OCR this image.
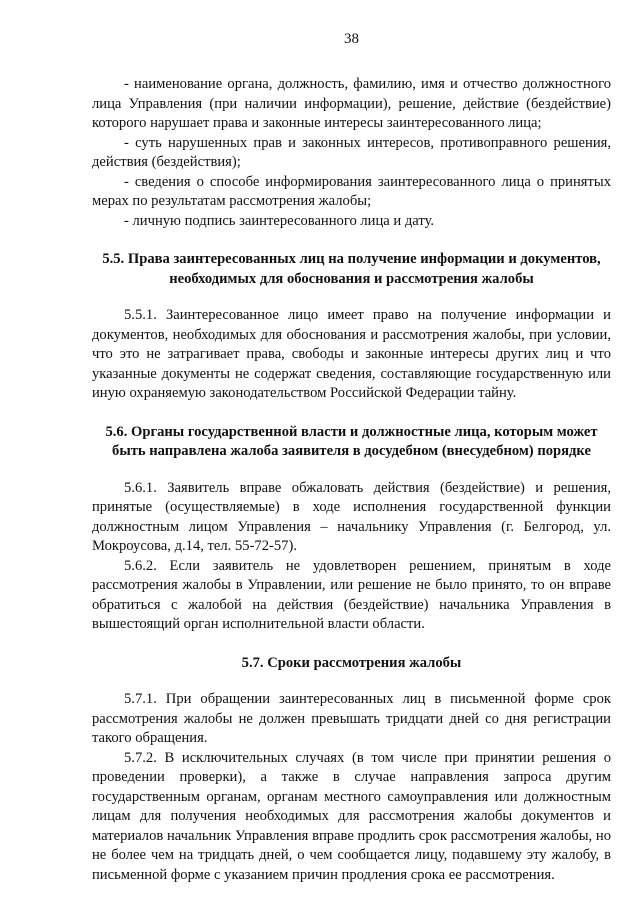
38

- наименование органа, должность, фамилию, имя и отчество должностного лица Управления (при наличии информации), решение, действие (бездействие) которого нарушает права и законные интересы заинтересованного лица;

- суть нарушенных прав и законных интересов, противоправного решения, действия (бездействия);

- сведения о способе информирования заинтересованного лица о принятых мерах по результатам рассмотрения жалобы;

- личную подпись заинтересованного лица и дату.

5.5. Права заинтересованных лиц на получение информации и документов, необходимых для обоснования и рассмотрения жалобы

5.5.1. Заинтересованное лицо имеет право на получение информации и документов, необходимых для обоснования и рассмотрения жалобы, при условии, что это не затрагивает права, свободы и законные интересы других лиц и что указанные документы не содержат сведения, составляющие государственную или иную охраняемую законодательством Российской Федерации тайну.

5.6. Органы государственной власти и должностные лица, которым может быть направлена жалоба заявителя в досудебном (внесудебном) порядке

5.6.1. Заявитель вправе обжаловать действия (бездействие) и решения, принятые (осуществляемые) в ходе исполнения государственной функции должностным лицом Управления – начальнику Управления (г. Белгород, ул. Мокроусова, д.14, тел. 55-72-57).

5.6.2. Если заявитель не удовлетворен решением, принятым в ходе рассмотрения жалобы в Управлении, или решение не было принято, то он вправе обратиться с жалобой на действия (бездействие) начальника Управления в вышестоящий орган исполнительной власти области.

5.7. Сроки рассмотрения жалобы

5.7.1. При обращении заинтересованных лиц в письменной форме срок рассмотрения жалобы не должен превышать тридцати дней со дня регистрации такого обращения.

5.7.2. В исключительных случаях (в том числе при принятии решения о проведении проверки), а также в случае направления запроса другим государственным органам, органам местного самоуправления или должностным лицам для получения необходимых для рассмотрения жалобы документов и материалов начальник Управления вправе продлить срок рассмотрения жалобы, но не более чем на тридцать дней, о чем сообщается лицу, подавшему эту жалобу, в письменной форме с указанием причин продления срока ее рассмотрения.
